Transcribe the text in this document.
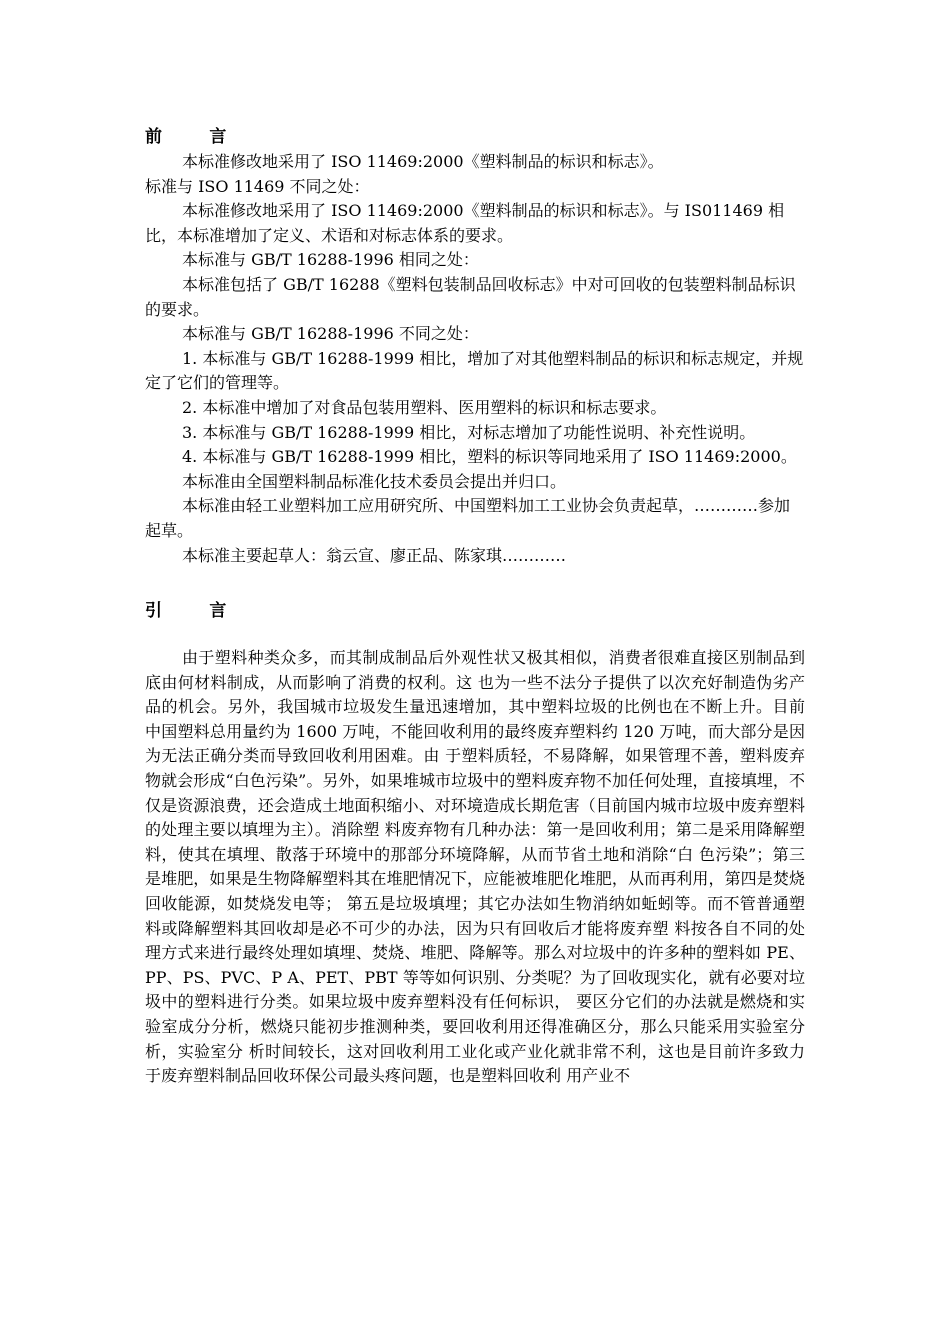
前        言

本标准修改地采用了 ISO 11469:2000《塑料制品的标识和标志》。

标准与 ISO 11469 不同之处：

本标准修改地采用了 ISO 11469:2000《塑料制品的标识和标志》。与 IS011469 相比，本标准增加了定义、术语和对标志体系的要求。

本标准与 GB/T 16288-1996 相同之处：

本标准包括了 GB/T 16288《塑料包装制品回收标志》中对可回收的包装塑料制品标识的要求。

本标准与 GB/T 16288-1996 不同之处：

1. 本标准与 GB/T 16288-1999 相比，增加了对其他塑料制品的标识和标志规定，并规定了它们的管理等。

2. 本标准中增加了对食品包装用塑料、医用塑料的标识和标志要求。

3. 本标准与 GB/T 16288-1999 相比，对标志增加了功能性说明、补充性说明。

4. 本标准与 GB/T 16288-1999 相比，塑料的标识等同地采用了 ISO 11469:2000。

本标准由全国塑料制品标准化技术委员会提出并归口。

本标准由轻工业塑料加工应用研究所、中国塑料加工工业协会负责起草，…………参加起草。

本标准主要起草人：翁云宣、廖正品、陈家琪…………

引        言

由于塑料种类众多，而其制成制品后外观性状又极其相似，消费者很难直接区别制品到底由何材料制成，从而影响了消费的权利。这 也为一些不法分子提供了以次充好制造伪劣产品的机会。另外，我国城市垃圾发生量迅速增加，其中塑料垃圾的比例也在不断上升。目前 中国塑料总用量约为 1600 万吨，不能回收利用的最终废弃塑料约 120 万吨，而大部分是因为无法正确分类而导致回收利用困难。由 于塑料质轻，不易降解，如果管理不善，塑料废弃物就会形成“白色污染”。另外，如果堆城市垃圾中的塑料废弃物不加任何处理，直接填埋，不仅是资源浪费，还会造成土地面积缩小、对环境造成长期危害（目前国内城市垃圾中废弃塑料的处理主要以填埋为主）。消除塑 料废弃物有几种办法：第一是回收利用；第二是采用降解塑料，使其在填埋、散落于环境中的那部分环境降解，从而节省土地和消除“白 色污染”；第三是堆肥，如果是生物降解塑料其在堆肥情况下，应能被堆肥化堆肥，从而再利用，第四是焚烧回收能源，如焚烧发电等； 第五是垃圾填埋；其它办法如生物消纳如蚯蚓等。而不管普通塑料或降解塑料其回收却是必不可少的办法，因为只有回收后才能将废弃塑 料按各自不同的处理方式来进行最终处理如填埋、焚烧、堆肥、降解等。那么对垃圾中的许多种的塑料如 PE、PP、PS、PVC、P A、PET、PBT 等等如何识别、分类呢？为了回收现实化，就有必要对垃圾中的塑料进行分类。如果垃圾中废弃塑料没有任何标识， 要区分它们的办法就是燃烧和实验室成分分析，燃烧只能初步推测种类，要回收利用还得准确区分，那么只能采用实验室分析，实验室分 析时间较长，这对回收利用工业化或产业化就非常不利，这也是目前许多致力于废弃塑料制品回收环保公司最头疼问题，也是塑料回收利 用产业不
